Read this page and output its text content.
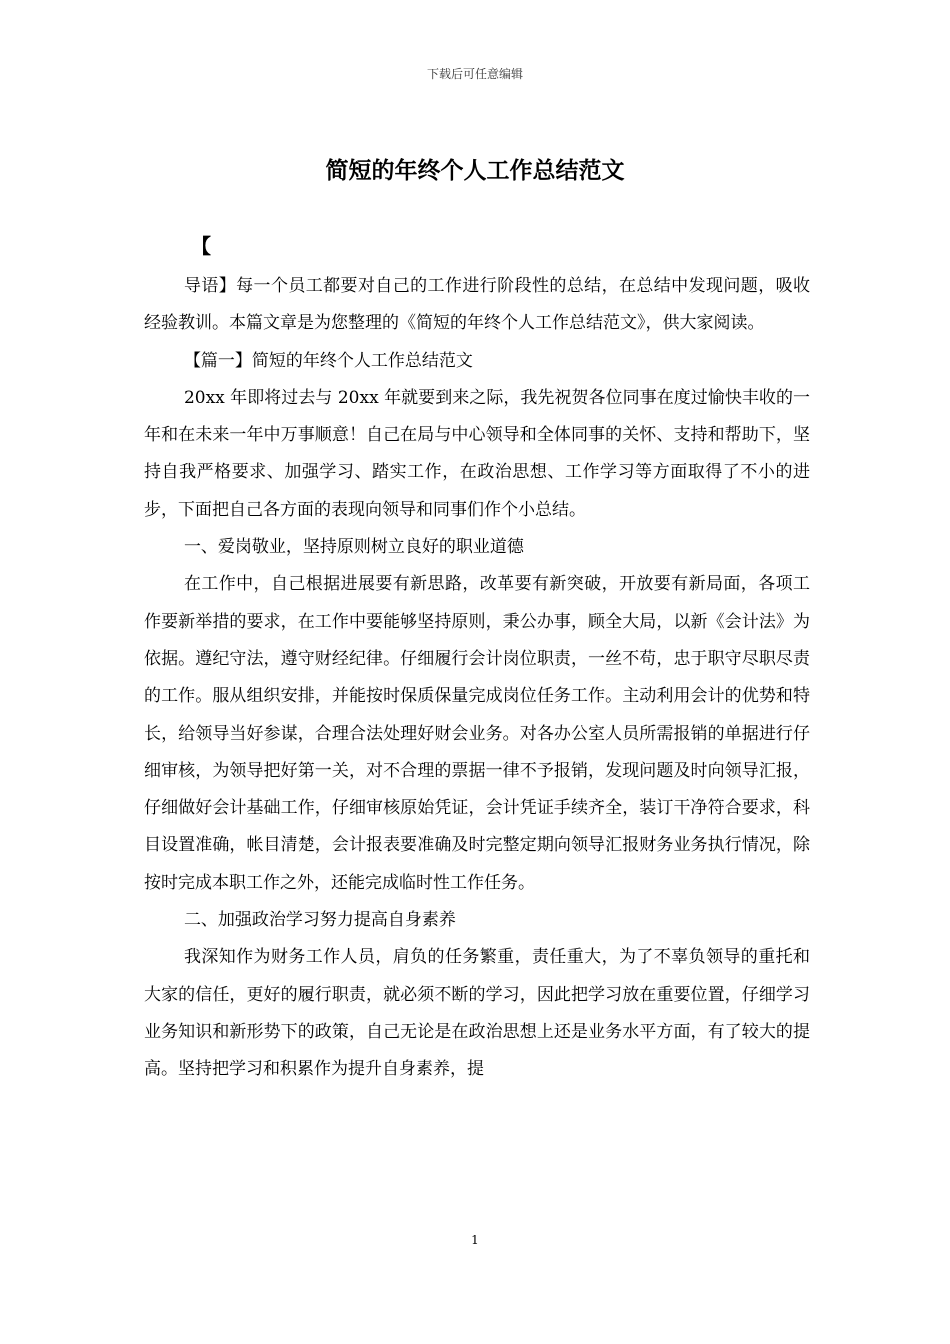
下载后可任意编辑
简短的年终个人工作总结范文

【

导语】每一个员工都要对自己的工作进行阶段性的总结，在总结中发现问题，吸收经验教训。本篇文章是为您整理的《简短的年终个人工作总结范文》，供大家阅读。

【篇一】简短的年终个人工作总结范文

20xx 年即将过去与 20xx 年就要到来之际，我先祝贺各位同事在度过愉快丰收的一年和在未来一年中万事顺意！自己在局与中心领导和全体同事的关怀、支持和帮助下，坚持自我严格要求、加强学习、踏实工作，在政治思想、工作学习等方面取得了不小的进步，下面把自己各方面的表现向领导和同事们作个小总结。

一、爱岗敬业，坚持原则树立良好的职业道德

在工作中，自己根据进展要有新思路，改革要有新突破，开放要有新局面，各项工作要新举措的要求，在工作中要能够坚持原则，秉公办事，顾全大局，以新《会计法》为依据。遵纪守法，遵守财经纪律。仔细履行会计岗位职责，一丝不苟，忠于职守尽职尽责的工作。服从组织安排，并能按时保质保量完成岗位任务工作。主动利用会计的优势和特长，给领导当好参谋，合理合法处理好财会业务。对各办公室人员所需报销的单据进行仔细审核，为领导把好第一关，对不合理的票据一律不予报销，发现问题及时向领导汇报，仔细做好会计基础工作，仔细审核原始凭证，会计凭证手续齐全，装订干净符合要求，科目设置准确，帐目清楚，会计报表要准确及时完整定期向领导汇报财务业务执行情况，除按时完成本职工作之外，还能完成临时性工作任务。

二、加强政治学习努力提高自身素养

我深知作为财务工作人员，肩负的任务繁重，责任重大，为了不辜负领导的重托和大家的信任，更好的履行职责，就必须不断的学习，因此把学习放在重要位置，仔细学习业务知识和新形势下的政策，自己无论是在政治思想上还是业务水平方面，有了较大的提高。坚持把学习和积累作为提升自身素养，提

1
